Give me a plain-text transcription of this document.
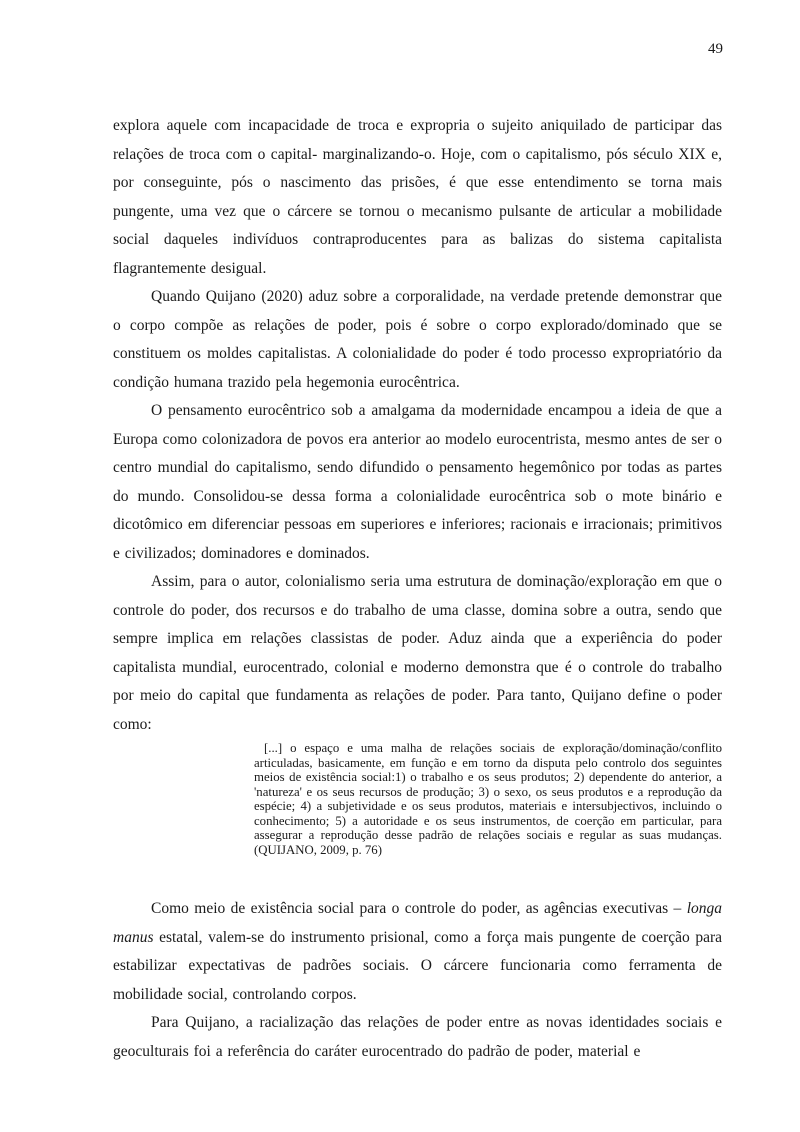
49

explora aquele com incapacidade de troca e expropria o sujeito aniquilado de participar das relações de troca com o capital- marginalizando-o. Hoje, com o capitalismo, pós século XIX e, por conseguinte, pós o nascimento das prisões, é que esse entendimento se torna mais pungente, uma vez que o cárcere se tornou o mecanismo pulsante de articular a mobilidade social daqueles indivíduos contraproducentes para as balizas do sistema capitalista flagrantemente desigual.

Quando Quijano (2020) aduz sobre a corporalidade, na verdade pretende demonstrar que o corpo compõe as relações de poder, pois é sobre o corpo explorado/dominado que se constituem os moldes capitalistas. A colonialidade do poder é todo processo expropriatório da condição humana trazido pela hegemonia eurocêntrica.

O pensamento eurocêntrico sob a amalgama da modernidade encampou a ideia de que a Europa como colonizadora de povos era anterior ao modelo eurocentrista, mesmo antes de ser o centro mundial do capitalismo, sendo difundido o pensamento hegemônico por todas as partes do mundo. Consolidou-se dessa forma a colonialidade eurocêntrica sob o mote binário e dicotômico em diferenciar pessoas em superiores e inferiores; racionais e irracionais; primitivos e civilizados; dominadores e dominados.

Assim, para o autor, colonialismo seria uma estrutura de dominação/exploração em que o controle do poder, dos recursos e do trabalho de uma classe, domina sobre a outra, sendo que sempre implica em relações classistas de poder. Aduz ainda que a experiência do poder capitalista mundial, eurocentrado, colonial e moderno demonstra que é o controle do trabalho por meio do capital que fundamenta as relações de poder. Para tanto, Quijano define o poder como:

[...] o espaço e uma malha de relações sociais de exploração/dominação/conflito articuladas, basicamente, em função e em torno da disputa pelo controlo dos seguintes meios de existência social:1) o trabalho e os seus produtos; 2) dependente do anterior, a 'natureza' e os seus recursos de produção; 3) o sexo, os seus produtos e a reprodução da espécie; 4) a subjetividade e os seus produtos, materiais e intersubjectivos, incluindo o conhecimento; 5) a autoridade e os seus instrumentos, de coerção em particular, para assegurar a reprodução desse padrão de relações sociais e regular as suas mudanças. (QUIJANO, 2009, p. 76)

Como meio de existência social para o controle do poder, as agências executivas – longa manus estatal, valem-se do instrumento prisional, como a força mais pungente de coerção para estabilizar expectativas de padrões sociais. O cárcere funcionaria como ferramenta de mobilidade social, controlando corpos.

Para Quijano, a racialização das relações de poder entre as novas identidades sociais e geoculturais foi a referência do caráter eurocentrado do padrão de poder, material e
